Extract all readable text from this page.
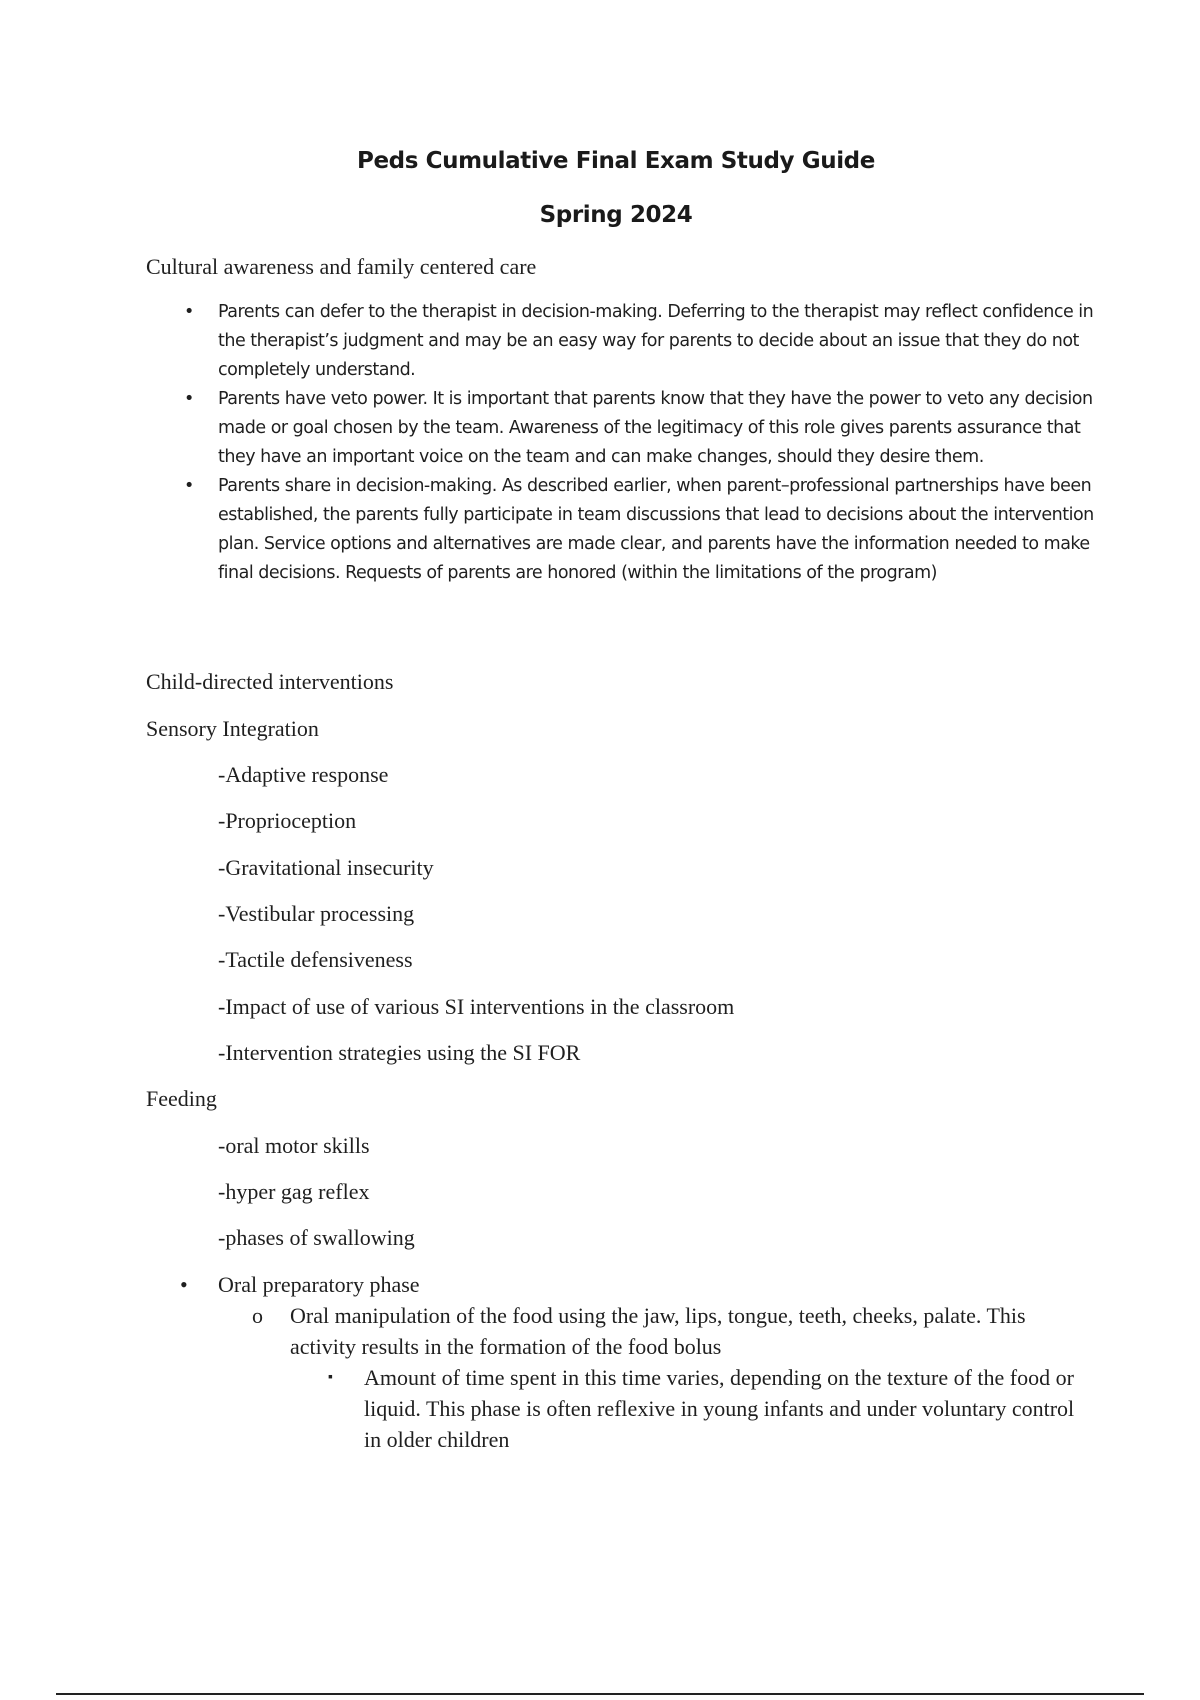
Peds Cumulative Final Exam Study Guide
Spring 2024

Cultural awareness and family centered care

• Parents can defer to the therapist in decision-making. Deferring to the therapist may reflect confidence in the therapist’s judgment and may be an easy way for parents to decide about an issue that they do not completely understand.
• Parents have veto power. It is important that parents know that they have the power to veto any decision made or goal chosen by the team. Awareness of the legitimacy of this role gives parents assurance that they have an important voice on the team and can make changes, should they desire them.
• Parents share in decision-making. As described earlier, when parent–professional partnerships have been established, the parents fully participate in team discussions that lead to decisions about the intervention plan. Service options and alternatives are made clear, and parents have the information needed to make final decisions. Requests of parents are honored (within the limitations of the program)

Child-directed interventions

Sensory Integration

-Adaptive response

-Proprioception

-Gravitational insecurity

-Vestibular processing

-Tactile defensiveness

-Impact of use of various SI interventions in the classroom

-Intervention strategies using the SI FOR

Feeding

-oral motor skills

-hyper gag reflex

-phases of swallowing

• Oral preparatory phase
o Oral manipulation of the food using the jaw, lips, tongue, teeth, cheeks, palate. This activity results in the formation of the food bolus
▪ Amount of time spent in this time varies, depending on the texture of the food or liquid. This phase is often reflexive in young infants and under voluntary control in older children
